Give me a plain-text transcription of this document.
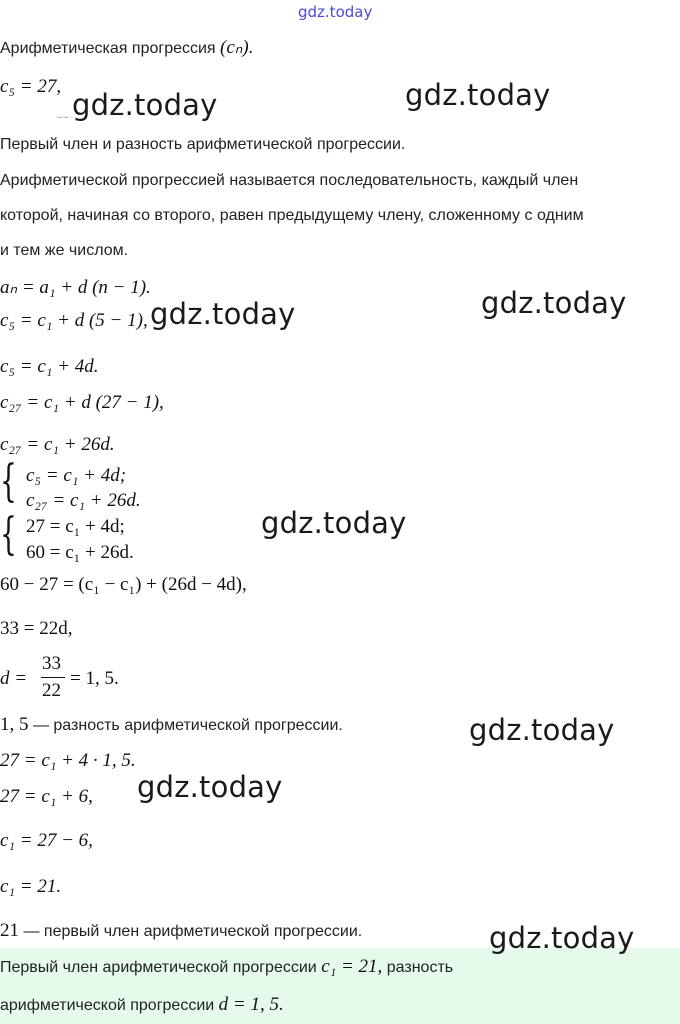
gdz.today
Арифметическая прогрессия (cₙ).
c₅ = 27,
~~
Первый член и разность арифметической прогрессии.
Арифметической прогрессией называется последовательность, каждый член
которой, начиная со второго, равен предыдущему члену, сложенному с одним
и тем же числом.
aₙ = a₁ + d (n − 1).
c₅ = c₁ + d (5 − 1),
c₅ = c₁ + 4d.
c₂₇ = c₁ + d (27 − 1),
c₂₇ = c₁ + 26d.
{ c₅ = c₁ + 4d;
c₂₇ = c₁ + 26d.
{ 27 = c₁ + 4d;
60 = c₁ + 26d.
60 − 27 = (c₁ − c₁) + (26d − 4d),
33 = 22d,
d =
33
22
= 1, 5.
1, 5 — разность арифметической прогрессии.
27 = c₁ + 4 · 1, 5.
27 = c₁ + 6,
c₁ = 27 − 6,
c₁ = 21.
21 — первый член арифметической прогрессии.
Первый член арифметической прогрессии c₁ = 21, разность
арифметической прогрессии d = 1, 5.
gdz.today	gdz.today
gdz.today
gdz.today
gdz.today
gdz.today
gdz.today
gdz.today
